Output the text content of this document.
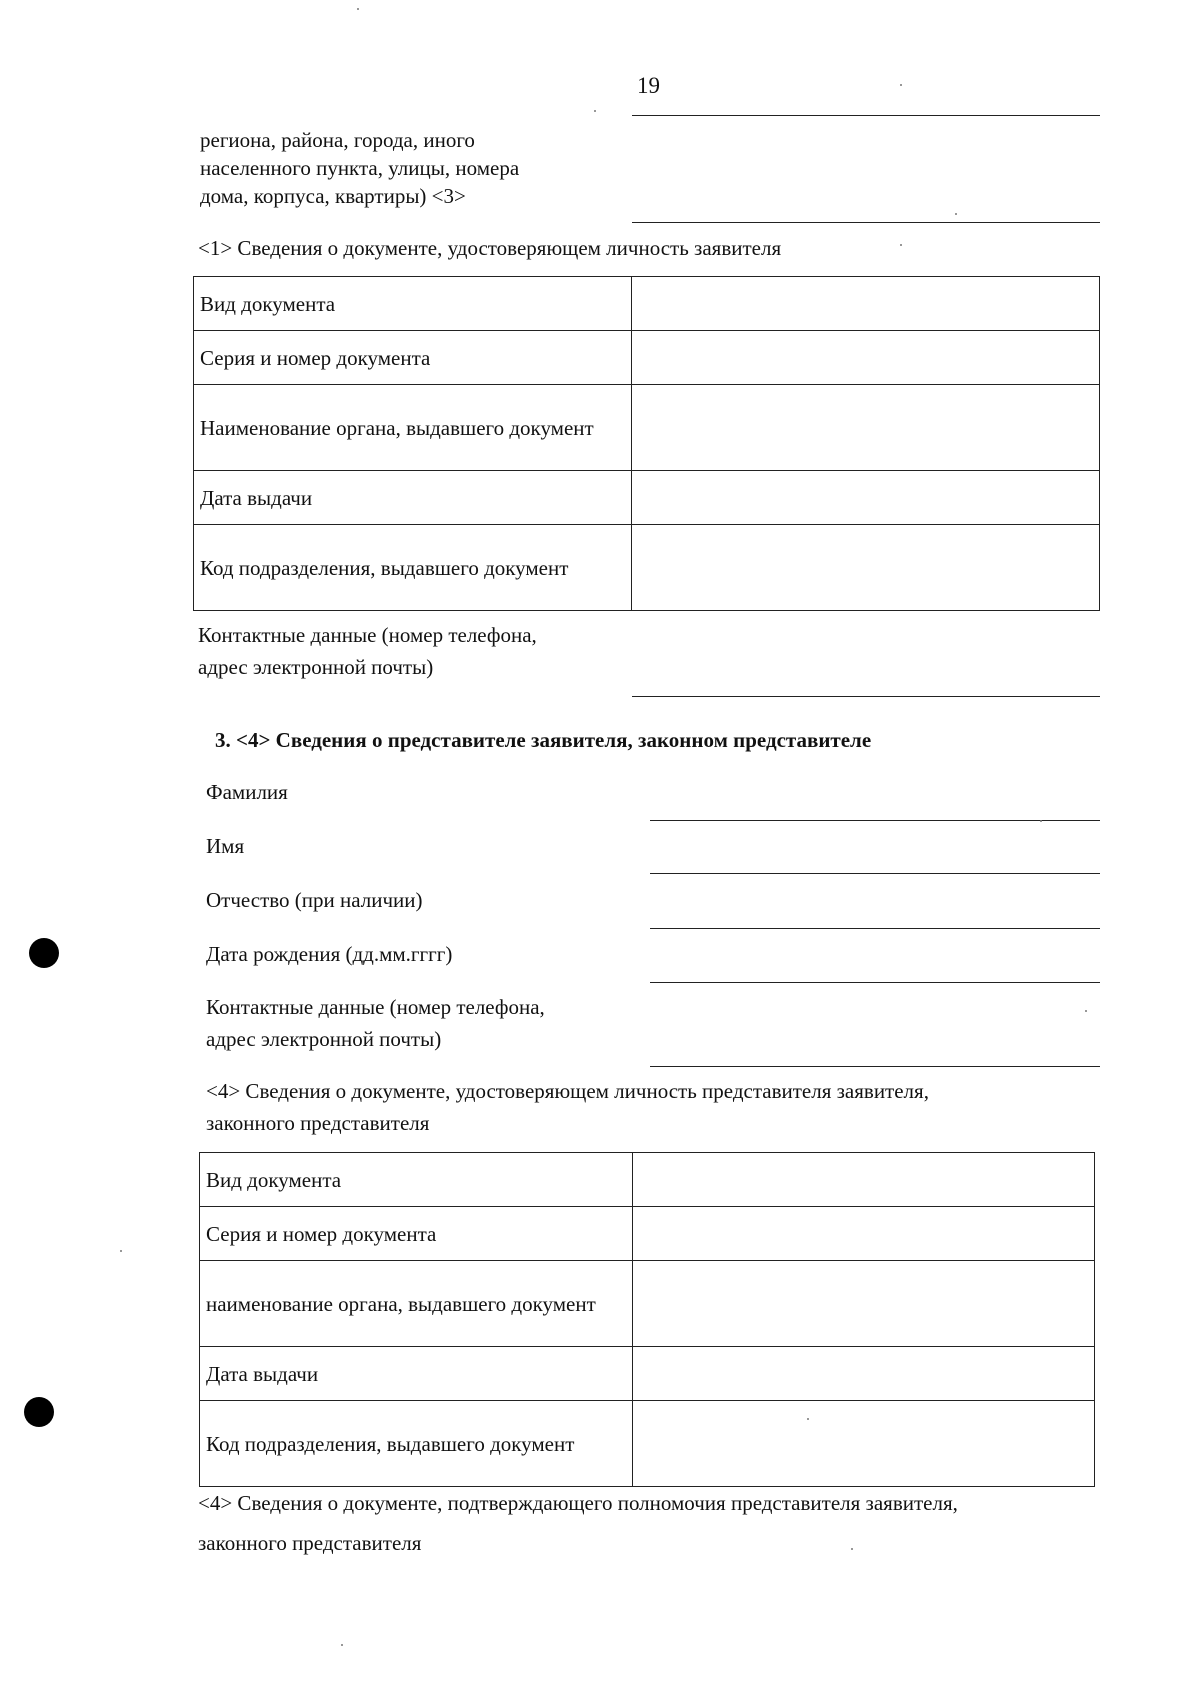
19
региона, района, города, иного
населенного пункта, улицы, номера
дома, корпуса, квартиры) <3>
<1> Сведения о документе, удостоверяющем личность заявителя
Вид документа	
Серия и номер документа	
Наименование органа, выдавшего документ	
Дата выдачи	
Код подразделения, выдавшего документ	
Контактные данные (номер телефона,
адрес электронной почты)
3. <4> Сведения о представителе заявителя, законном представителе
Фамилия
Имя
Отчество (при наличии)
Дата рождения (дд.мм.гггг)
Контактные данные (номер телефона,
адрес электронной почты)
<4> Сведения о документе, удостоверяющем личность представителя заявителя,
законного представителя
Вид документа	
Серия и номер документа	
наименование органа, выдавшего документ	
Дата выдачи	
Код подразделения, выдавшего документ	
<4> Сведения о документе, подтверждающего полномочия представителя заявителя,
законного представителя
